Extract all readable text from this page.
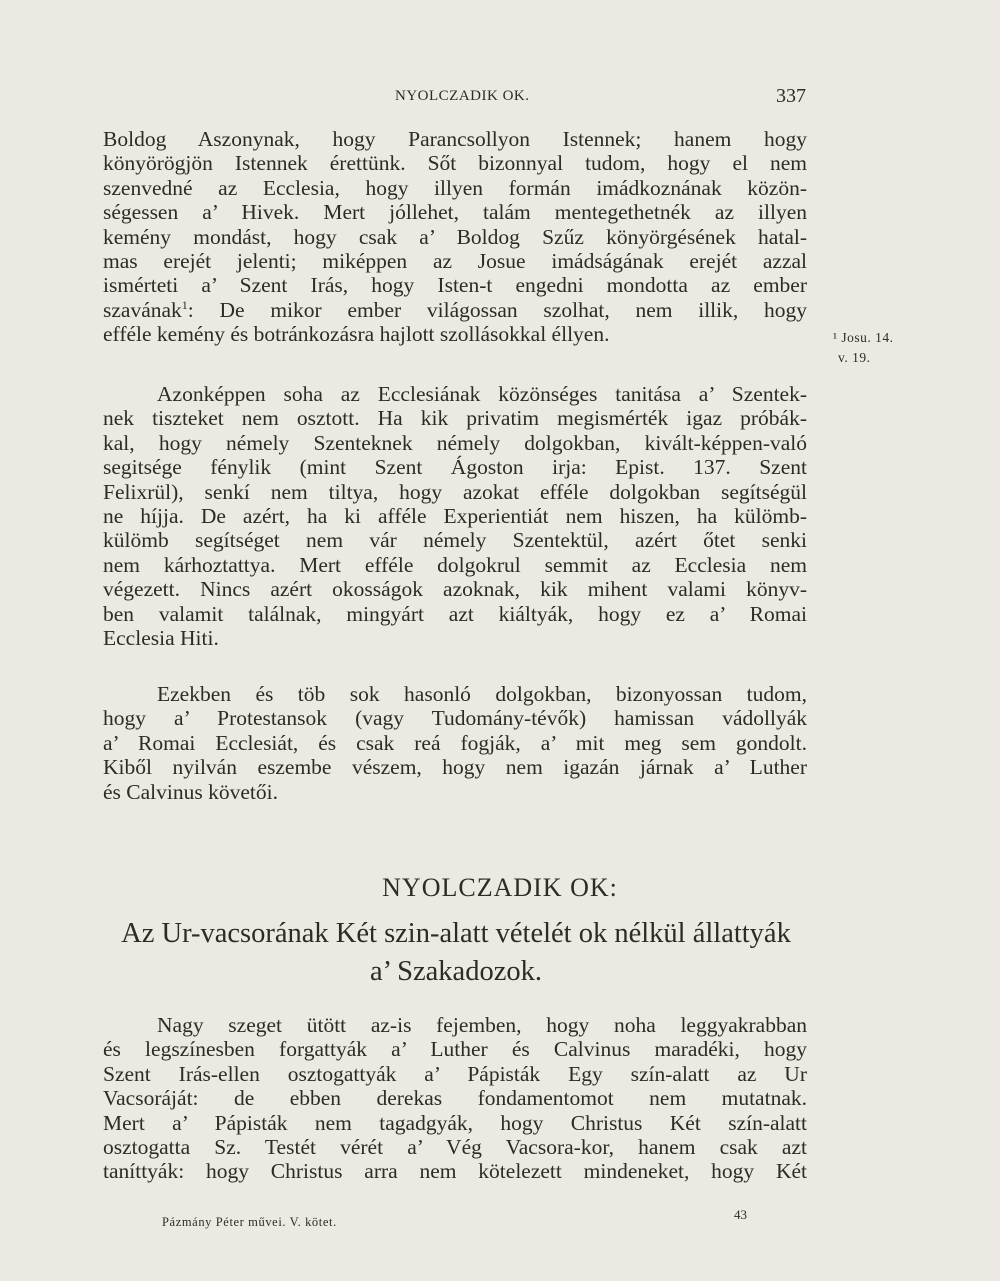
NYOLCZADIK OK.	337
Boldog Aszonynak, hogy Parancsollyon Istennek; hanem hogy
könyörögjön Istennek érettünk. Sőt bizonnyal tudom, hogy el nem
szenvedné az Ecclesia, hogy illyen formán imádkoznának közön-
ségessen a’ Hivek. Mert jóllehet, talám mentegethetnék az illyen
kemény mondást, hogy csak a’ Boldog Szűz könyörgésének hatal-
mas erejét jelenti; miképpen az Josue imádságának erejét azzal
ismérteti a’ Szent Irás, hogy Isten-t engedni mondotta az ember
szavának$^1$: De mikor ember világossan szolhat, nem illik, hogy
efféle kemény és botránkozásra hajlott szollásokkal éllyen.	¹ Josu. 14.
v. 19.
Azonképpen soha az Ecclesiának közönséges tanitása a’ Szentek-
nek tiszteket nem osztott. Ha kik privatim megismérték igaz próbák-
kal, hogy némely Szenteknek némely dolgokban, kivált-képpen-való
segitsége fénylik (mint Szent Ágoston irja: Epist. 137. Szent
Felixrül), senkí nem tiltya, hogy azokat efféle dolgokban segítségül
ne híjja. De azért, ha ki afféle Experientiát nem hiszen, ha külömb-
külömb segítséget nem vár némely Szentektül, azért őtet senki
nem kárhoztattya. Mert efféle dolgokrul semmit az Ecclesia nem
végezett. Nincs azért okosságok azoknak, kik mihent valami könyv-
ben valamit találnak, mingyárt azt kiáltyák, hogy ez a’ Romai
Ecclesia Hiti.
Ezekben és töb sok hasonló dolgokban, bizonyossan tudom,
hogy a’ Protestansok (vagy Tudomány-tévők) hamissan vádollyák
a’ Romai Ecclesiát, és csak reá fogják, a’ mit meg sem gondolt.
Kiből nyilván eszembe vészem, hogy nem igazán járnak a’ Luther
és Calvinus követői.
NYOLCZADIK OK:
Az Ur-vacsorának Két szin-alatt vételét ok nélkül állattyák
a’ Szakadozok.
Nagy szeget ütött az-is fejemben, hogy noha leggyakrabban
és legszínesben forgattyák a’ Luther és Calvinus maradéki, hogy
Szent Irás-ellen osztogattyák a’ Pápisták Egy szín-alatt az Ur
Vacsoráját: de ebben derekas fondamentomot nem mutatnak.
Mert a’ Pápisták nem tagadgyák, hogy Christus Két szín-alatt
osztogatta Sz. Testét vérét a’ Vég Vacsora-kor, hanem csak azt
taníttyák: hogy Christus arra nem kötelezett mindeneket, hogy Két
Pázmány Péter művei. V. kötet.	43
